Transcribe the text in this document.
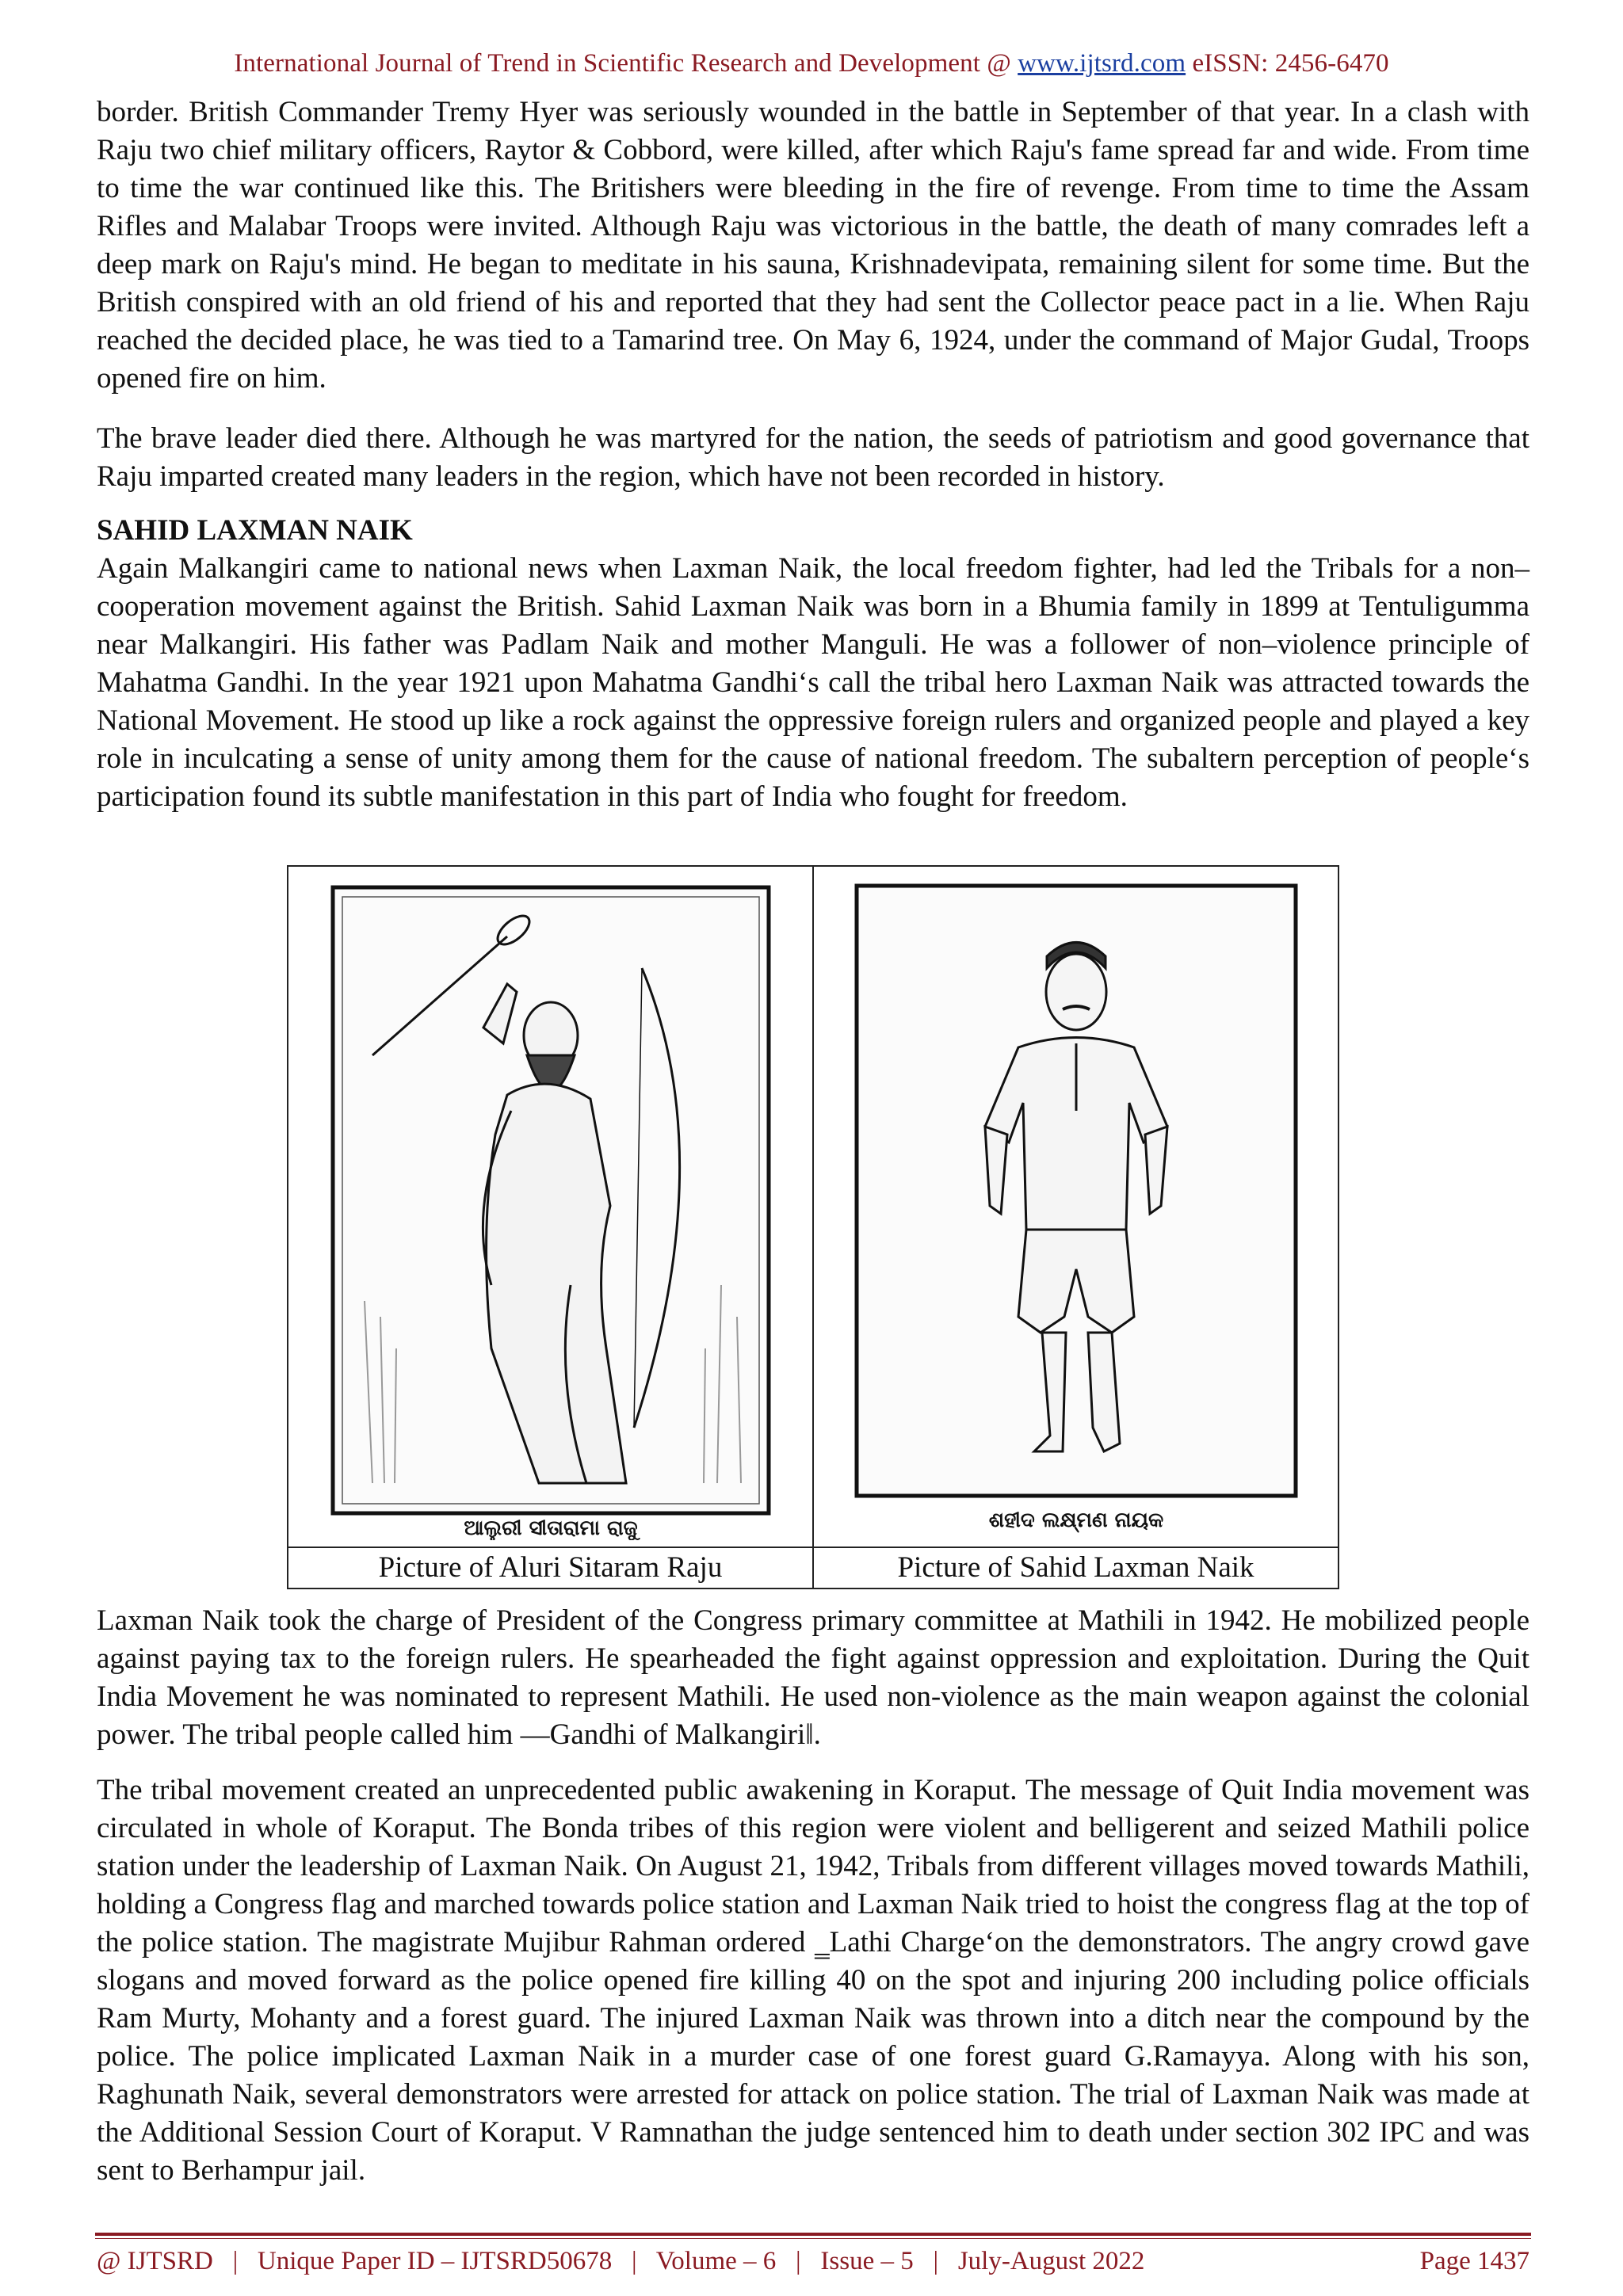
International Journal of Trend in Scientific Research and Development @ www.ijtsrd.com eISSN: 2456-6470

border. British Commander Tremy Hyer was seriously wounded in the battle in September of that year. In a clash with Raju two chief military officers, Raytor & Cobbord, were killed, after which Raju's fame spread far and wide. From time to time the war continued like this. The Britishers were bleeding in the fire of revenge. From time to time the Assam Rifles and Malabar Troops were invited. Although Raju was victorious in the battle, the death of many comrades left a deep mark on Raju's mind. He began to meditate in his sauna, Krishnadevipata, remaining silent for some time. But the British conspired with an old friend of his and reported that they had sent the Collector peace pact in a lie. When Raju reached the decided place, he was tied to a Tamarind tree. On May 6, 1924, under the command of Major Gudal, Troops opened fire on him.

The brave leader died there. Although he was martyred for the nation, the seeds of patriotism and good governance that Raju imparted created many leaders in the region, which have not been recorded in history.

SAHID LAXMAN NAIK

Again Malkangiri came to national news when Laxman Naik, the local freedom fighter, had led the Tribals for a non–cooperation movement against the British. Sahid Laxman Naik was born in a Bhumia family in 1899 at Tentuligumma near Malkangiri. His father was Padlam Naik and mother Manguli. He was a follower of non–violence principle of Mahatma Gandhi. In the year 1921 upon Mahatma Gandhi‘s call the tribal hero Laxman Naik was attracted towards the National Movement. He stood up like a rock against the oppressive foreign rulers and organized people and played a key role in inculcating a sense of unity among them for the cause of national freedom. The subaltern perception of people‘s participation found its subtle manifestation in this part of India who fought for freedom.

ଆଲୁରୀ ସୀତାରାମା ରାଜୁ	ଶହୀଦ ଲକ୍ଷ୍ମଣ ନାୟକ

Picture of Aluri Sitaram Raju	Picture of Sahid Laxman Naik

Laxman Naik took the charge of President of the Congress primary committee at Mathili in 1942. He mobilized people against paying tax to the foreign rulers. He spearheaded the fight against oppression and exploitation. During the Quit India Movement he was nominated to represent Mathili. He used non-violence as the main weapon against the colonial power. The tribal people called him ―Gandhi of Malkangiri‖.

The tribal movement created an unprecedented public awakening in Koraput. The message of Quit India movement was circulated in whole of Koraput. The Bonda tribes of this region were violent and belligerent and seized Mathili police station under the leadership of Laxman Naik. On August 21, 1942, Tribals from different villages moved towards Mathili, holding a Congress flag and marched towards police station and Laxman Naik tried to hoist the congress flag at the top of the police station. The magistrate Mujibur Rahman ordered ‗Lathi Charge‘on the demonstrators. The angry crowd gave slogans and moved forward as the police opened fire killing 40 on the spot and injuring 200 including police officials Ram Murty, Mohanty and a forest guard. The injured Laxman Naik was thrown into a ditch near the compound by the police. The police implicated Laxman Naik in a murder case of one forest guard G.Ramayya. Along with his son, Raghunath Naik, several demonstrators were arrested for attack on police station. The trial of Laxman Naik was made at the Additional Session Court of Koraput. V Ramnathan the judge sentenced him to death under section 302 IPC and was sent to Berhampur jail.

@ IJTSRD   |   Unique Paper ID – IJTSRD50678   |   Volume – 6   |   Issue – 5   |   July-August 2022	Page 1437
